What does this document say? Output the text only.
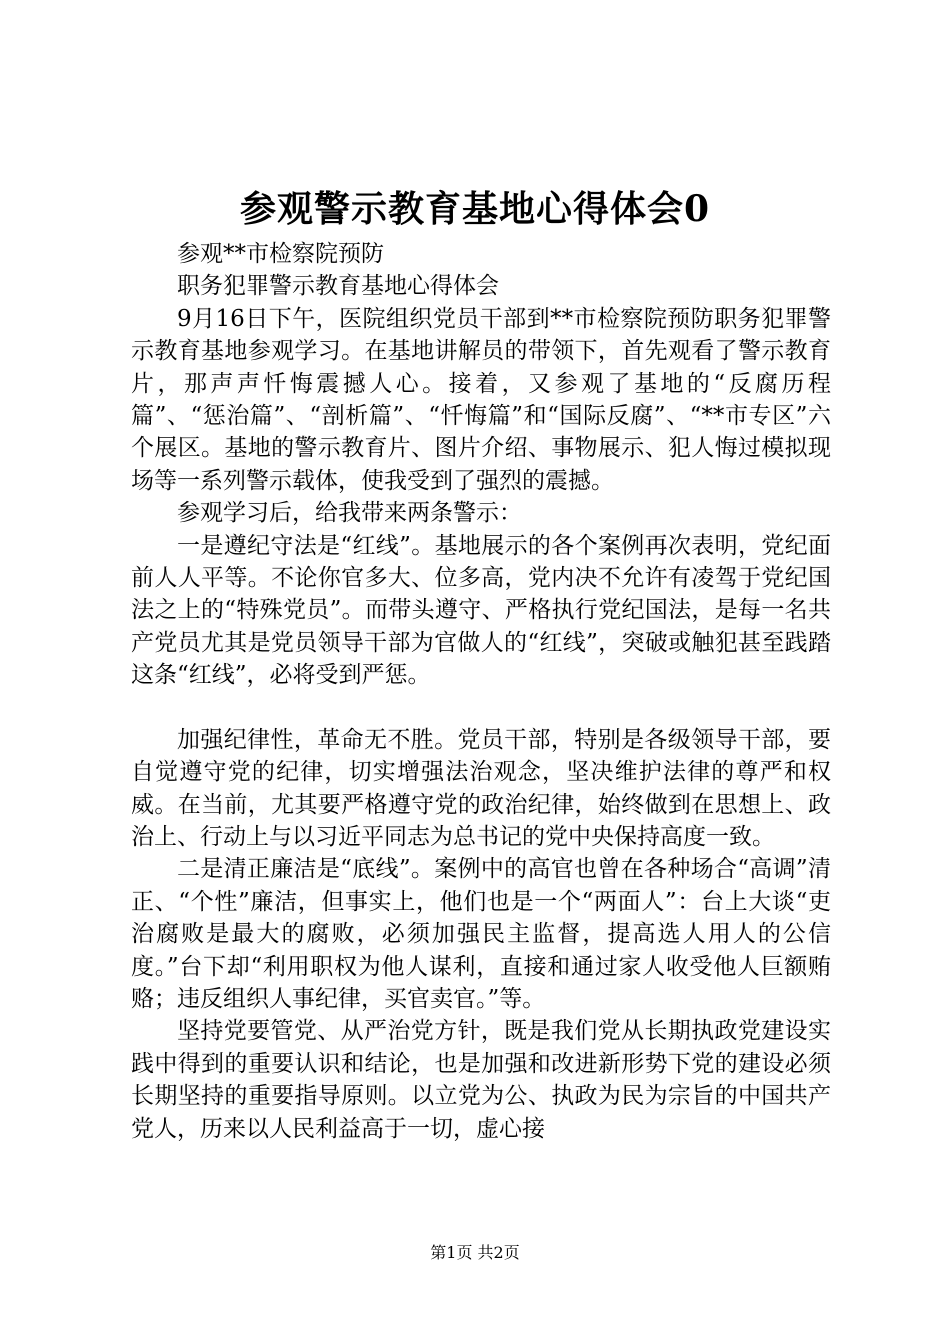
参观警示教育基地心得体会0

参观**市检察院预防

职务犯罪警示教育基地心得体会

9月16日下午，医院组织党员干部到**市检察院预防职务犯罪警示教育基地参观学习。在基地讲解员的带领下，首先观看了警示教育片，那声声忏悔震撼人心。接着，又参观了基地的“反腐历程篇”、“惩治篇”、“剖析篇”、“忏悔篇”和“国际反腐”、“**市专区”六个展区。基地的警示教育片、图片介绍、事物展示、犯人悔过模拟现场等一系列警示载体，使我受到了强烈的震撼。

参观学习后，给我带来两条警示：

一是遵纪守法是“红线”。基地展示的各个案例再次表明，党纪面前人人平等。不论你官多大、位多高，党内决不允许有凌驾于党纪国法之上的“特殊党员”。而带头遵守、严格执行党纪国法，是每一名共产党员尤其是党员领导干部为官做人的“红线”，突破或触犯甚至践踏这条“红线”，必将受到严惩。

加强纪律性，革命无不胜。党员干部，特别是各级领导干部，要自觉遵守党的纪律，切实增强法治观念，坚决维护法律的尊严和权威。在当前，尤其要严格遵守党的政治纪律，始终做到在思想上、政治上、行动上与以习近平同志为总书记的党中央保持高度一致。

二是清正廉洁是“底线”。案例中的高官也曾在各种场合“高调”清正、“个性”廉洁，但事实上，他们也是一个“两面人”：台上大谈“吏治腐败是最大的腐败，必须加强民主监督，提高选人用人的公信度。”台下却“利用职权为他人谋利，直接和通过家人收受他人巨额贿赂；违反组织人事纪律，买官卖官。”等。

坚持党要管党、从严治党方针，既是我们党从长期执政党建设实践中得到的重要认识和结论，也是加强和改进新形势下党的建设必须长期坚持的重要指导原则。以立党为公、执政为民为宗旨的中国共产党人，历来以人民利益高于一切，虚心接

第1页 共2页
